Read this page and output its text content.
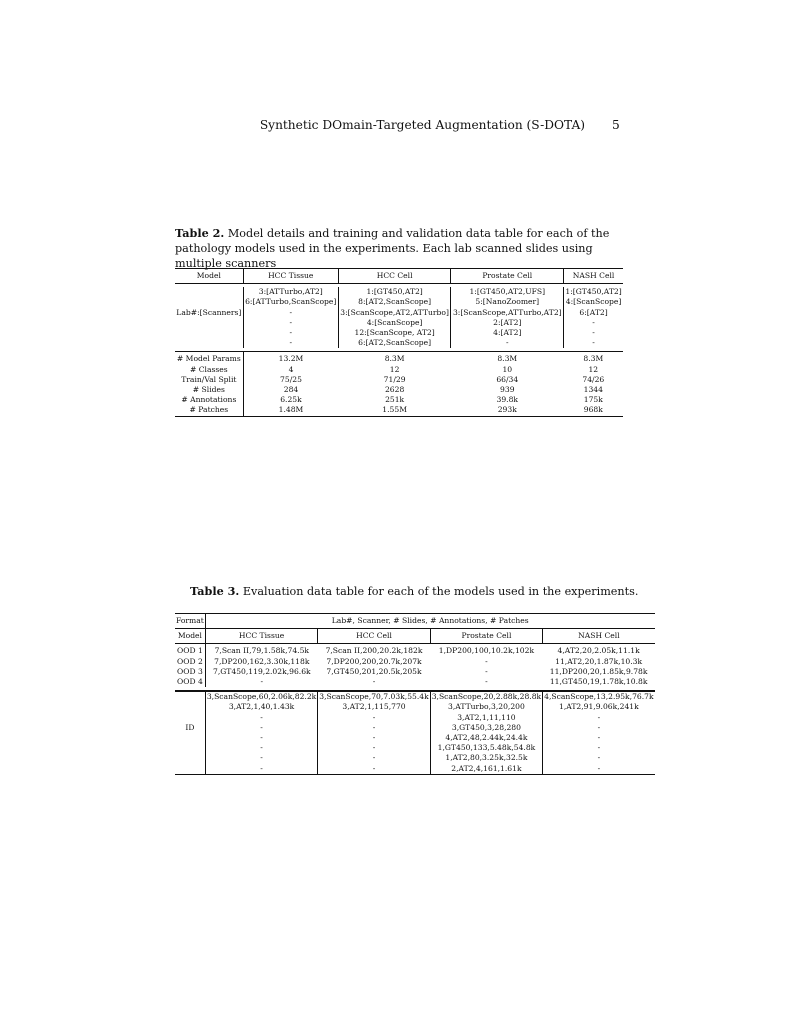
Synthetic DOmain-Targeted Augmentation (S-DOTA) 5
Table 2. Model details and training and validation data table for each of the pathology models used in the experiments. Each lab scanned slides using multiple scanners
Model	HCC Tissue	HCC Cell	Prostate Cell	NASH Cell

	3:[ATTurbo,AT2]	1:[GT450,AT2]	1:[GT450,AT2,UFS]	1:[GT450,AT2]
	6:[ATTurbo,ScanScope]	8:[AT2,ScanScope]	5:[NanoZoomer]	4:[ScanScope]
Lab#:[Scanners]	-	3:[ScanScope,AT2,ATTurbo]	3:[ScanScope,ATTurbo,AT2]	6:[AT2]
	-	4:[ScanScope]	2:[AT2]	-
	-	12:[ScanScope, AT2]	4:[AT2]	-
	-	6:[AT2,ScanScope]	-	-

# Model Params	13.2M	8.3M	8.3M	8.3M
# Classes	4	12	10	12
Train/Val Split	75/25	71/29	66/34	74/26
# Slides	284	2628	939	1344
# Annotations	6.25k	251k	39.8k	175k
# Patches	1.48M	1.55M	293k	968k
Table 3. Evaluation data table for each of the models used in the experiments.
Format	Lab#, Scanner, # Slides, # Annotations, # Patches			
Model	HCC Tissue	HCC Cell	Prostate Cell	NASH Cell
OOD 1	7,Scan II,79,1.58k,74.5k	7,Scan II,200,20.2k,182k	1,DP200,100,10.2k,102k	4,AT2,20,2.05k,11.1k
OOD 2	7,DP200,162,3.30k,118k	7,DP200,200,20.7k,207k	-	11,AT2,20,1.87k,10.3k
OOD 3	7,GT450,119,2.02k,96.6k	7,GT450,201,20.5k,205k	-	11,DP200,20,1.85k,9.78k
OOD 4	-	-	-	11,GT450,19,1.78k,10.8k

	3,ScanScope,60,2.06k,82.2k	3,ScanScope,70,7.03k,55.4k	3,ScanScope,20,2.88k,28.8k	4,ScanScope,13,2.95k,76.7k
	3,AT2,1,40,1.43k	3,AT2,1,115,770	3,ATTurbo,3,20,200	1,AT2,91,9.06k,241k
	-	-	3,AT2,1,11,110	-
ID	-	-	3,GT450,3,28,280	-
	-	-	4,AT2,48,2.44k,24.4k	-
	-	-	1,GT450,133,5.48k,54.8k	-
	-	-	1,AT2,80,3.25k,32.5k	-
	-	-	2,AT2,4,161,1.61k	-
